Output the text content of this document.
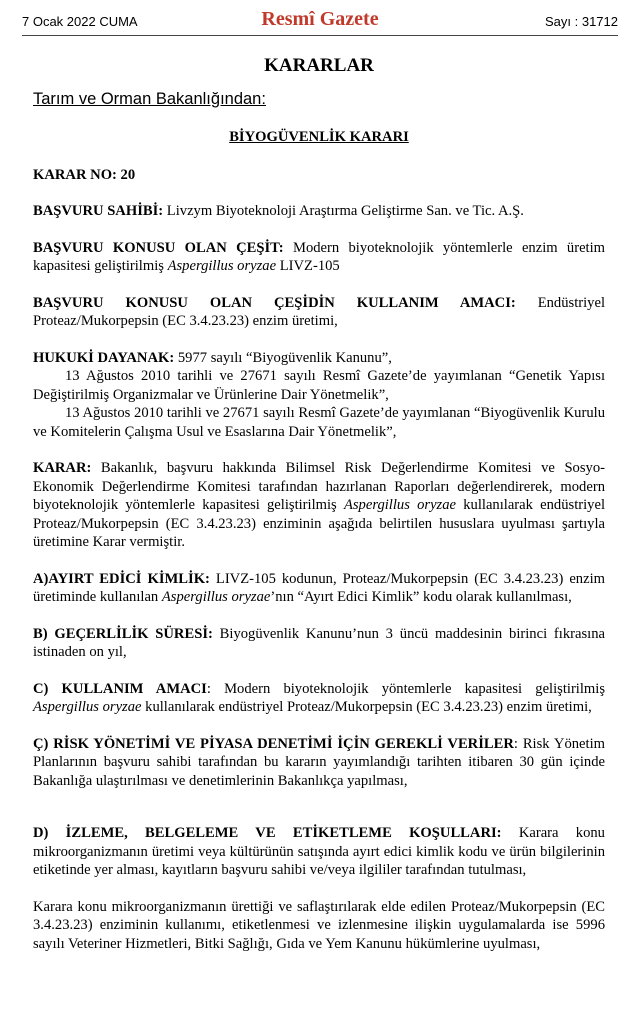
7 Ocak 2022 CUMA	Resmî Gazete	Sayı : 31712
KARARLAR
Tarım ve Orman Bakanlığından:
BİYOGÜVENLİK KARARI

KARAR NO: 20

BAŞVURU SAHİBİ: Livzym Biyoteknoloji Araştırma Geliştirme San. ve Tic. A.Ş.

BAŞVURU KONUSU OLAN ÇEŞİT: Modern biyoteknolojik yöntemlerle enzim üretim kapasitesi geliştirilmiş Aspergillus oryzae LIVZ-105

BAŞVURU KONUSU OLAN ÇEŞİDİN KULLANIM AMACI: Endüstriyel Proteaz/Mukorpepsin (EC 3.4.23.23) enzim üretimi,

HUKUKİ DAYANAK: 5977 sayılı “Biyogüvenlik Kanunu”,

13 Ağustos 2010 tarihli ve 27671 sayılı Resmî Gazete’de yayımlanan “Genetik Yapısı Değiştirilmiş Organizmalar ve Ürünlerine Dair Yönetmelik”,

13 Ağustos 2010 tarihli ve 27671 sayılı Resmî Gazete’de yayımlanan “Biyogüvenlik Kurulu ve Komitelerin Çalışma Usul ve Esaslarına Dair Yönetmelik”,

KARAR: Bakanlık, başvuru hakkında Bilimsel Risk Değerlendirme Komitesi ve Sosyo-Ekonomik Değerlendirme Komitesi tarafından hazırlanan Raporları değerlendirerek, modern biyoteknolojik yöntemlerle kapasitesi geliştirilmiş Aspergillus oryzae kullanılarak endüstriyel Proteaz/Mukorpepsin (EC 3.4.23.23) enziminin aşağıda belirtilen hususlara uyulması şartıyla üretimine Karar vermiştir.

A)AYIRT EDİCİ KİMLİK: LIVZ-105 kodunun, Proteaz/Mukorpepsin (EC 3.4.23.23) enzim üretiminde kullanılan Aspergillus oryzae’nın “Ayırt Edici Kimlik” kodu olarak kullanılması,

B) GEÇERLİLİK SÜRESİ: Biyogüvenlik Kanunu’nun 3 üncü maddesinin birinci fıkrasına istinaden on yıl,

C) KULLANIM AMACI: Modern biyoteknolojik yöntemlerle kapasitesi geliştirilmiş Aspergillus oryzae kullanılarak endüstriyel Proteaz/Mukorpepsin (EC 3.4.23.23) enzim üretimi,

Ç) RİSK YÖNETİMİ VE PİYASA DENETİMİ İÇİN GEREKLİ VERİLER: Risk Yönetim Planlarının başvuru sahibi tarafından bu kararın yayımlandığı tarihten itibaren 30 gün içinde Bakanlığa ulaştırılması ve denetimlerinin Bakanlıkça yapılması,

D) İZLEME, BELGELEME VE ETİKETLEME KOŞULLARI: Karara konu mikroorganizmanın üretimi veya kültürünün satışında ayırt edici kimlik kodu ve ürün bilgilerinin etiketinde yer alması, kayıtların başvuru sahibi ve/veya ilgililer tarafından tutulması,

Karara konu mikroorganizmanın ürettiği ve saflaştırılarak elde edilen Proteaz/Mukorpepsin (EC 3.4.23.23) enziminin kullanımı, etiketlenmesi ve izlenmesine ilişkin uygulamalarda ise 5996 sayılı Veteriner Hizmetleri, Bitki Sağlığı, Gıda ve Yem Kanunu hükümlerine uyulması,
